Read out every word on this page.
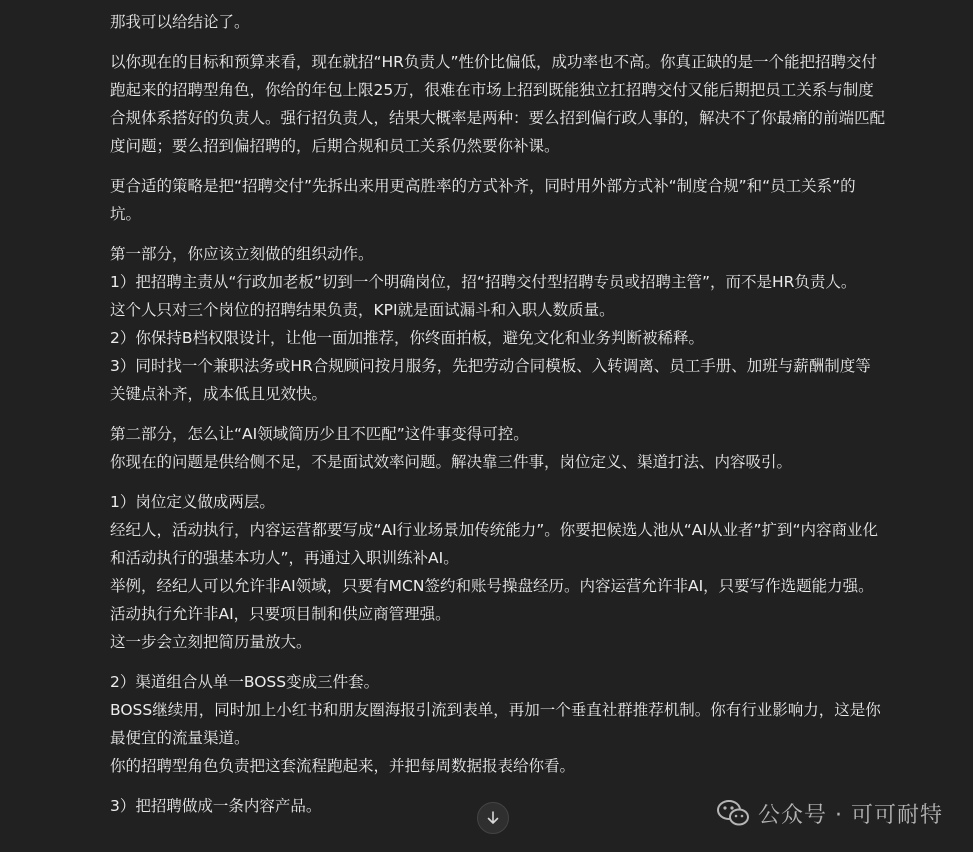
那我可以给结论了。

以你现在的目标和预算来看，现在就招“HR负责人”性价比偏低，成功率也不高。你真正缺的是一个能把招聘交付跑起来的招聘型角色，你给的年包上限25万，很难在市场上招到既能独立扛招聘交付又能后期把员工关系与制度合规体系搭好的负责人。强行招负责人，结果大概率是两种：要么招到偏行政人事的，解决不了你最痛的前端匹配度问题；要么招到偏招聘的，后期合规和员工关系仍然要你补课。

更合适的策略是把“招聘交付”先拆出来用更高胜率的方式补齐，同时用外部方式补“制度合规”和“员工关系”的坑。

第一部分，你应该立刻做的组织动作。

1）把招聘主责从“行政加老板”切到一个明确岗位，招“招聘交付型招聘专员或招聘主管”，而不是HR负责人。

这个人只对三个岗位的招聘结果负责，KPI就是面试漏斗和入职人数质量。

2）你保持B档权限设计，让他一面加推荐，你终面拍板，避免文化和业务判断被稀释。

3）同时找一个兼职法务或HR合规顾问按月服务，先把劳动合同模板、入转调离、员工手册、加班与薪酬制度等关键点补齐，成本低且见效快。

第二部分，怎么让“AI领域简历少且不匹配”这件事变得可控。

你现在的问题是供给侧不足，不是面试效率问题。解决靠三件事，岗位定义、渠道打法、内容吸引。

1）岗位定义做成两层。

经纪人，活动执行，内容运营都要写成“AI行业场景加传统能力”。你要把候选人池从“AI从业者”扩到“内容商业化和活动执行的强基本功人”，再通过入职训练补AI。

举例，经纪人可以允许非AI领域，只要有MCN签约和账号操盘经历。内容运营允许非AI，只要写作选题能力强。活动执行允许非AI，只要项目制和供应商管理强。

这一步会立刻把简历量放大。

2）渠道组合从单一BOSS变成三件套。

BOSS继续用，同时加上小红书和朋友圈海报引流到表单，再加一个垂直社群推荐机制。你有行业影响力，这是你最便宜的流量渠道。

你的招聘型角色负责把这套流程跑起来，并把每周数据报表给你看。

3）把招聘做成一条内容产品。	公众号 · 可可耐特
